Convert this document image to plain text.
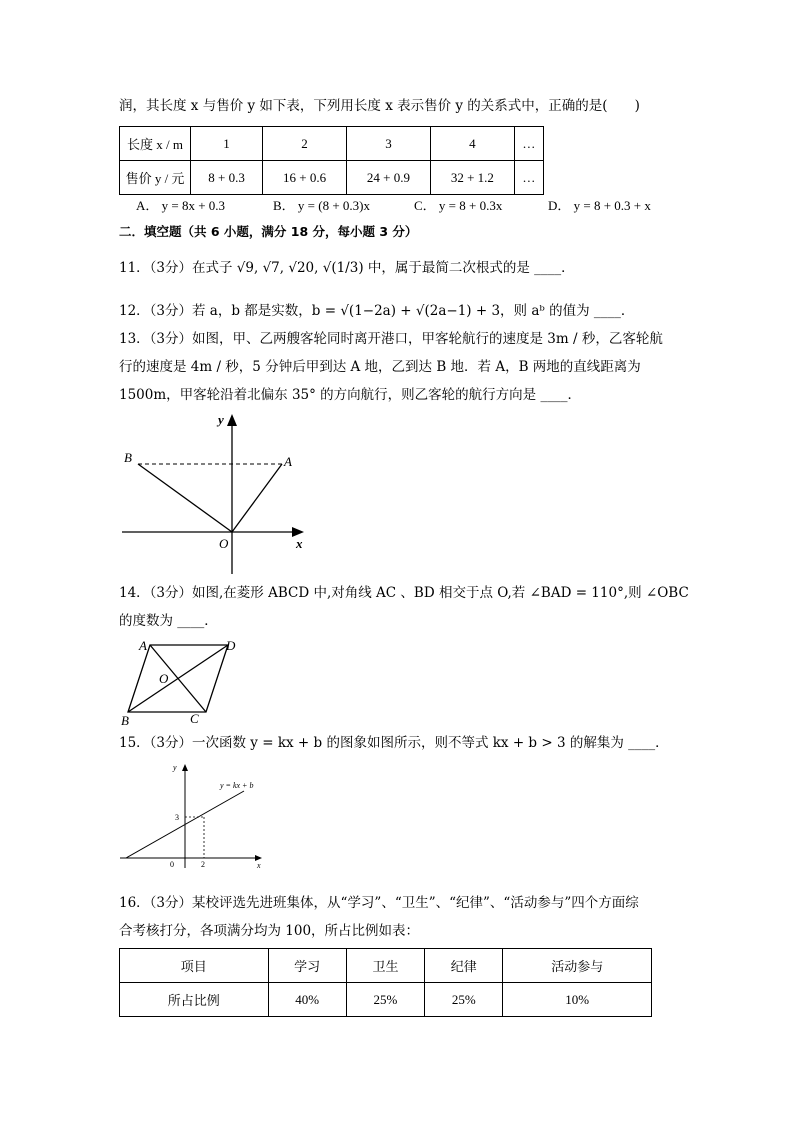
润，其长度 x 与售价 y 如下表，下列用长度 x 表示售价 y 的关系式中，正确的是(　　)
长度 x / m	1	2	3	4	…
售价 y / 元	8 + 0.3	16 + 0.6	24 + 0.9	32 + 1.2	…
A． y = 8x + 0.3	B． y = (8 + 0.3)x	C． y = 8 + 0.3x	D． y = 8 + 0.3 + x
二．填空题（共 6 小题，满分 18 分，每小题 3 分）
11．（3分）在式子 √9, √7, √20, √(1/3) 中，属于最简二次根式的是 ____．
12．（3分）若 a，b 都是实数，b = √(1−2a) + √(2a−1) + 3，则 aᵇ 的值为 ____．
13．（3分）如图，甲、乙两艘客轮同时离开港口，甲客轮航行的速度是 3m / 秒，乙客轮航
行的速度是 4m / 秒，5 分钟后甲到达 A 地，乙到达 B 地．若 A，B 两地的直线距离为
1500m，甲客轮沿着北偏东 35° 的方向航行，则乙客轮的航行方向是 ____．
y
x
O
A
B
14．（3分）如图,在菱形 ABCD 中,对角线 AC 、BD 相交于点 O,若 ∠BAD = 110°,则 ∠OBC
的度数为 ____．
A	D
B	C
O
15．（3分）一次函数 y = kx + b 的图象如图所示，则不等式 kx + b > 3 的解集为 ____．
y
x
0
3
2
y = kx + b
16．（3分）某校评选先进班集体，从“学习”、“卫生”、“纪律”、“活动参与”四个方面综
合考核打分，各项满分均为 100，所占比例如表：
项目	学习	卫生	纪律	活动参与
所占比例	40%	25%	25%	10%
